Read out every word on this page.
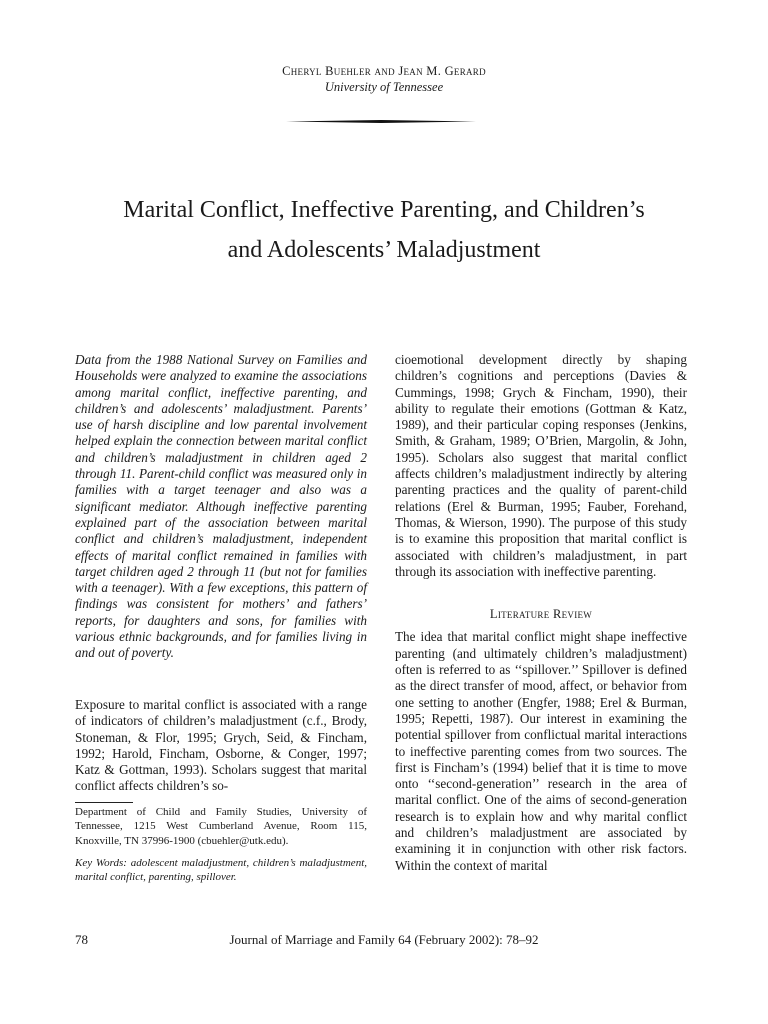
Cheryl Buehler and Jean M. Gerard
University of Tennessee
Marital Conflict, Ineffective Parenting, and Children’s
and Adolescents’ Maladjustment

Data from the 1988 National Survey on Families and Households were analyzed to examine the associations among marital conflict, ineffective parenting, and children’s and adolescents’ maladjustment. Parents’ use of harsh discipline and low parental involvement helped explain the connection between marital conflict and children’s maladjustment in children aged 2 through 11. Parent-child conflict was measured only in families with a target teenager and also was a significant mediator. Although ineffective parenting explained part of the association between marital conflict and children’s maladjustment, independent effects of marital conflict remained in families with target children aged 2 through 11 (but not for families with a teenager). With a few exceptions, this pattern of findings was consistent for mothers’ and fathers’ reports, for daughters and sons, for families with various ethnic backgrounds, and for families living in and out of poverty.

Exposure to marital conflict is associated with a range of indicators of children’s maladjustment (c.f., Brody, Stoneman, & Flor, 1995; Grych, Seid, & Fincham, 1992; Harold, Fincham, Osborne, & Conger, 1997; Katz & Gottman, 1993). Scholars suggest that marital conflict affects children’s so-

Department of Child and Family Studies, University of Tennessee, 1215 West Cumberland Avenue, Room 115, Knoxville, TN 37996-1900 (cbuehler@utk.edu).
Key Words: adolescent maladjustment, children’s maladjustment, marital conflict, parenting, spillover.

cioemotional development directly by shaping children’s cognitions and perceptions (Davies & Cummings, 1998; Grych & Fincham, 1990), their ability to regulate their emotions (Gottman & Katz, 1989), and their particular coping responses (Jenkins, Smith, & Graham, 1989; O’Brien, Margolin, & John, 1995). Scholars also suggest that marital conflict affects children’s maladjustment indirectly by altering parenting practices and the quality of parent-child relations (Erel & Burman, 1995; Fauber, Forehand, Thomas, & Wierson, 1990). The purpose of this study is to examine this proposition that marital conflict is associated with children’s maladjustment, in part through its association with ineffective parenting.

Literature Review

The idea that marital conflict might shape ineffective parenting (and ultimately children’s maladjustment) often is referred to as ‘‘spillover.’’ Spillover is defined as the direct transfer of mood, affect, or behavior from one setting to another (Engfer, 1988; Erel & Burman, 1995; Repetti, 1987). Our interest in examining the potential spillover from conflictual marital interactions to ineffective parenting comes from two sources. The first is Fincham’s (1994) belief that it is time to move onto ‘‘second-generation’’ research in the area of marital conflict. One of the aims of second-generation research is to explain how and why marital conflict and children’s maladjustment are associated by examining it in conjunction with other risk factors. Within the context of marital

78	Journal of Marriage and Family 64 (February 2002): 78–92
